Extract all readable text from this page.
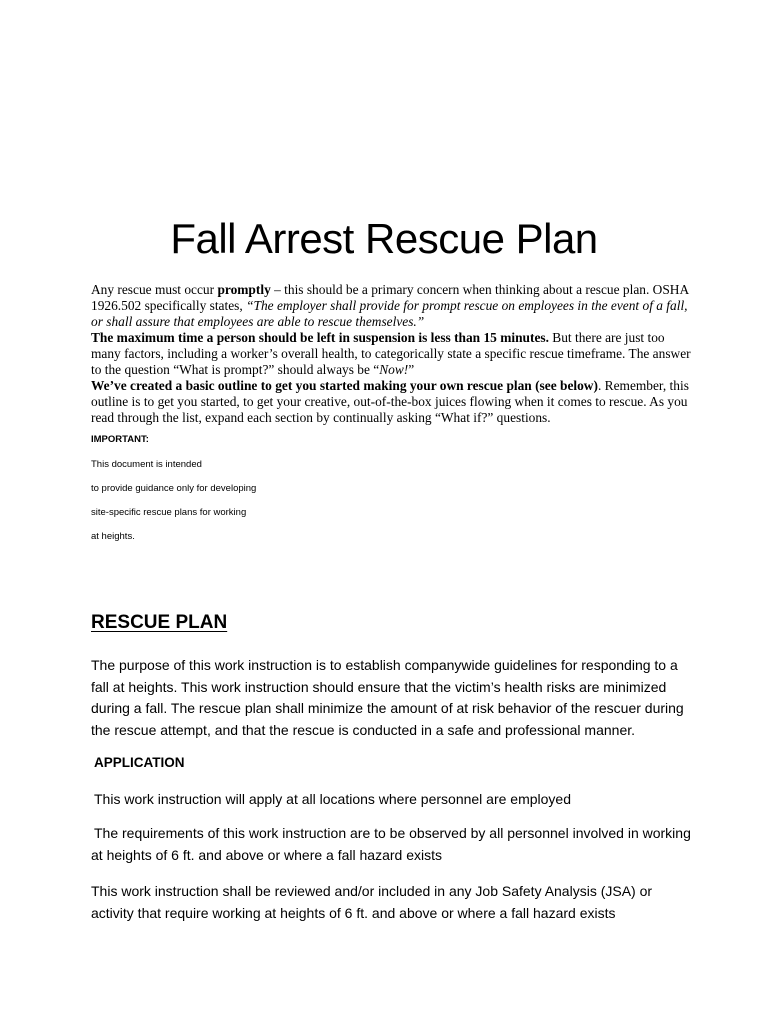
Fall Arrest Rescue Plan

Any rescue must occur promptly – this should be a primary concern when thinking about a rescue plan. OSHA 1926.502 specifically states, “The employer shall provide for prompt rescue on employees in the event of a fall, or shall assure that employees are able to rescue themselves.”

The maximum time a person should be left in suspension is less than 15 minutes. But there are just too many factors, including a worker’s overall health, to categorically state a specific rescue timeframe. The answer to the question “What is prompt?” should always be “Now!”

We’ve created a basic outline to get you started making your own rescue plan (see below). Remember, this outline is to get you started, to get your creative, out-of-the-box juices flowing when it comes to rescue. As you read through the list, expand each section by continually asking “What if?” questions.

IMPORTANT:
This document is intended
to provide guidance only for developing
site-specific rescue plans for working
at heights.
RESCUE PLAN

The purpose of this work instruction is to establish companywide guidelines for responding to a fall at heights. This work instruction should ensure that the victim’s health risks are minimized during a fall. The rescue plan shall minimize the amount of at risk behavior of the rescuer during the rescue attempt, and that the rescue is conducted in a safe and professional manner.

APPLICATION

This work instruction will apply at all locations where personnel are employed

The requirements of this work instruction are to be observed by all personnel involved in working at heights of 6 ft. and above or where a fall hazard exists

This work instruction shall be reviewed and/or included in any Job Safety Analysis (JSA) or activity that require working at heights of 6 ft. and above or where a fall hazard exists
